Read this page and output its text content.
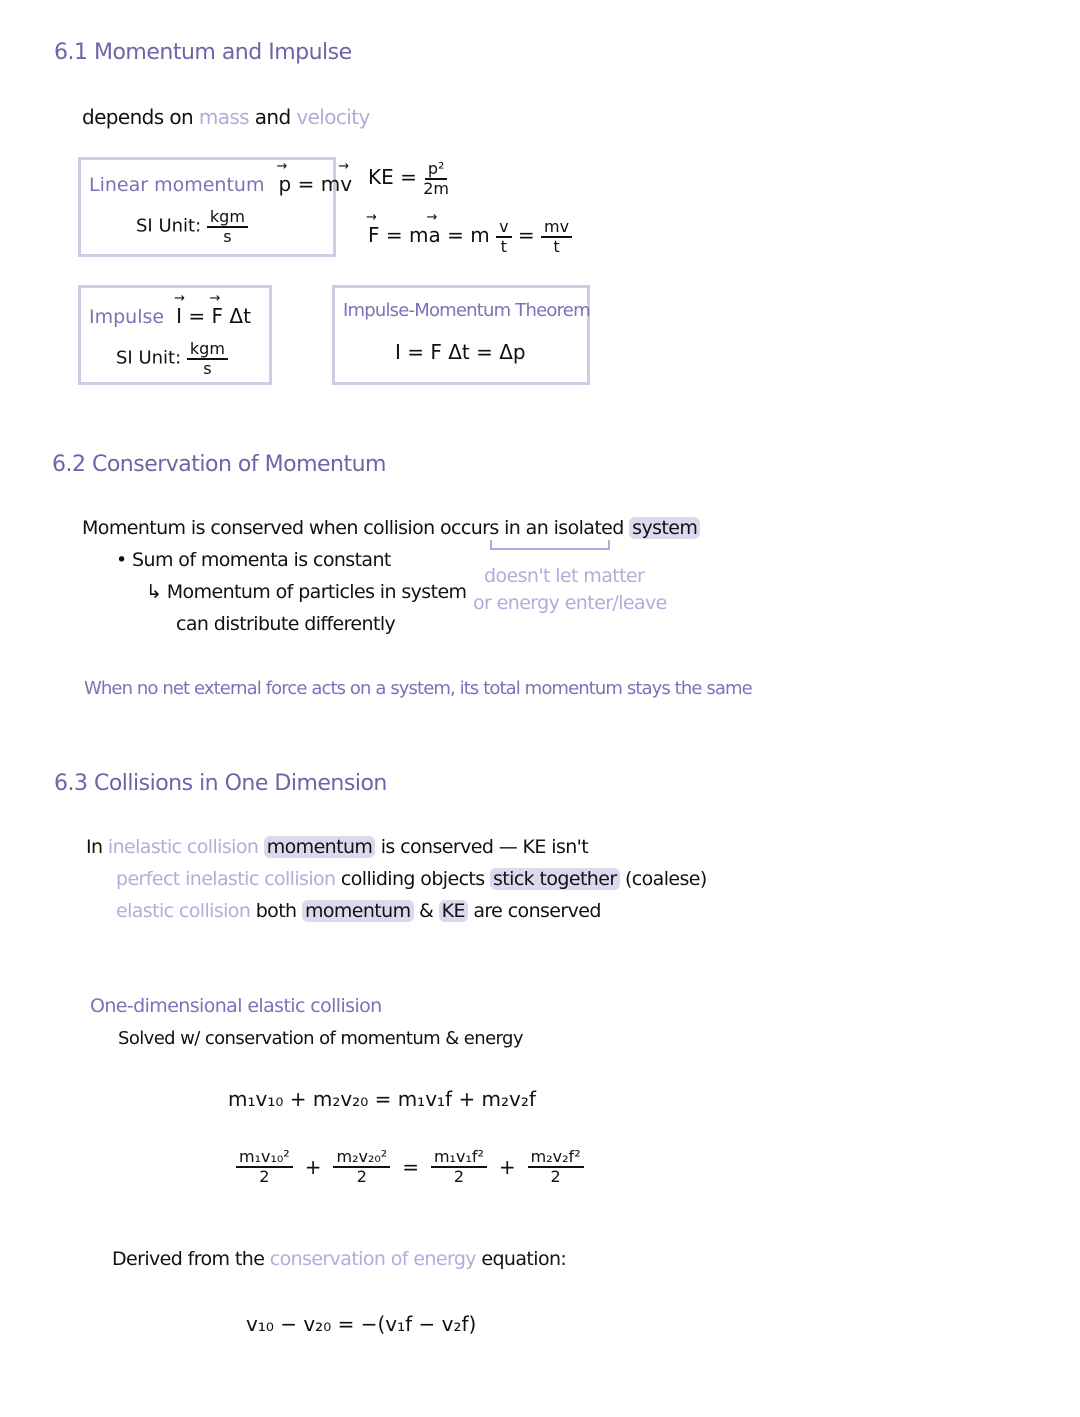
6.1 Momentum and Impulse
depends on mass and velocity
Linear momentum → p = m→ v
SI Unit: $\frac{\text{kgm}}{s}$
KE = $\frac{\text{p²}}{2m}$
→ F = m→ a = m $\frac{v}{t} = \frac{mv}{t}$
Impulse → I = → F Δt
SI Unit: $\frac{\text{kgm}}{s}$
Impulse-Momentum Theorem
I = F Δt = Δp
6.2 Conservation of Momentum
Momentum is conserved when collision occurs in an isolated system
• Sum of momenta is constant
↳ Momentum of particles in system
can distribute differently
doesn't let matter
or energy enter/leave
When no net external force acts on a system, its total momentum stays the same
6.3 Collisions in One Dimension
In inelastic collision momentum is conserved — KE isn't
perfect inelastic collision colliding objects stick together (coalese)
elastic collision both momentum & KE are conserved
One-dimensional elastic collision
Solved w/ conservation of momentum & energy
m₁v₁₀ + m₂v₂₀ = m₁v₁f + m₂v₂f
$\frac{\text{m₁v₁₀²}}{2} + \frac{\text{m₂v₂₀²}}{2} = \frac{\text{m₁v₁f²}}{2} + \frac{\text{m₂v₂f²}}{2}$
Derived from the conservation of energy equation:
v₁₀ − v₂₀ = −(v₁f − v₂f)
